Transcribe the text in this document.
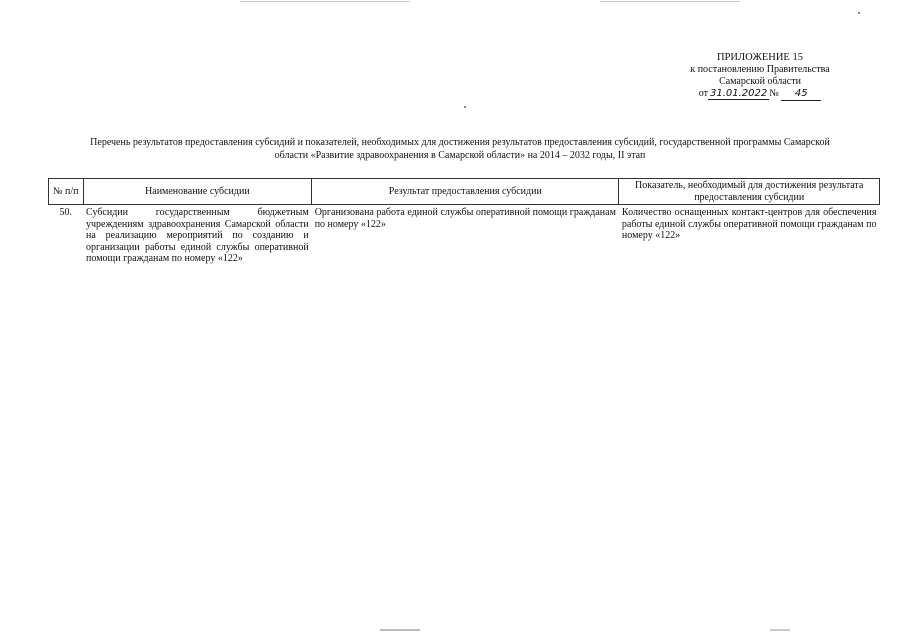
ПРИЛОЖЕНИЕ 15
к постановлению Правительства
Самарской области
от 31.01.2022 № 45
Перечень результатов предоставления субсидий и показателей, необходимых для достижения результатов предоставления субсидий, государственной программы Самарской
области «Развитие здравоохранения в Самарской области» на 2014 – 2032 годы, II этап
№ п/п	Наименование субсидии	Результат предоставления субсидии	Показатель, необходимый для достижения результата предоставления субсидии
50.	Субсидии государственным бюджетным учреждениям здравоохранения Самарской области на реализацию мероприятий по созданию и организации работы единой службы оперативной помощи гражданам по номеру «122»	Организована работа единой службы оперативной помощи гражданам по номеру «122»	Количество оснащенных контакт-центров для обеспечения работы единой службы оперативной помощи гражданам по номеру «122»
